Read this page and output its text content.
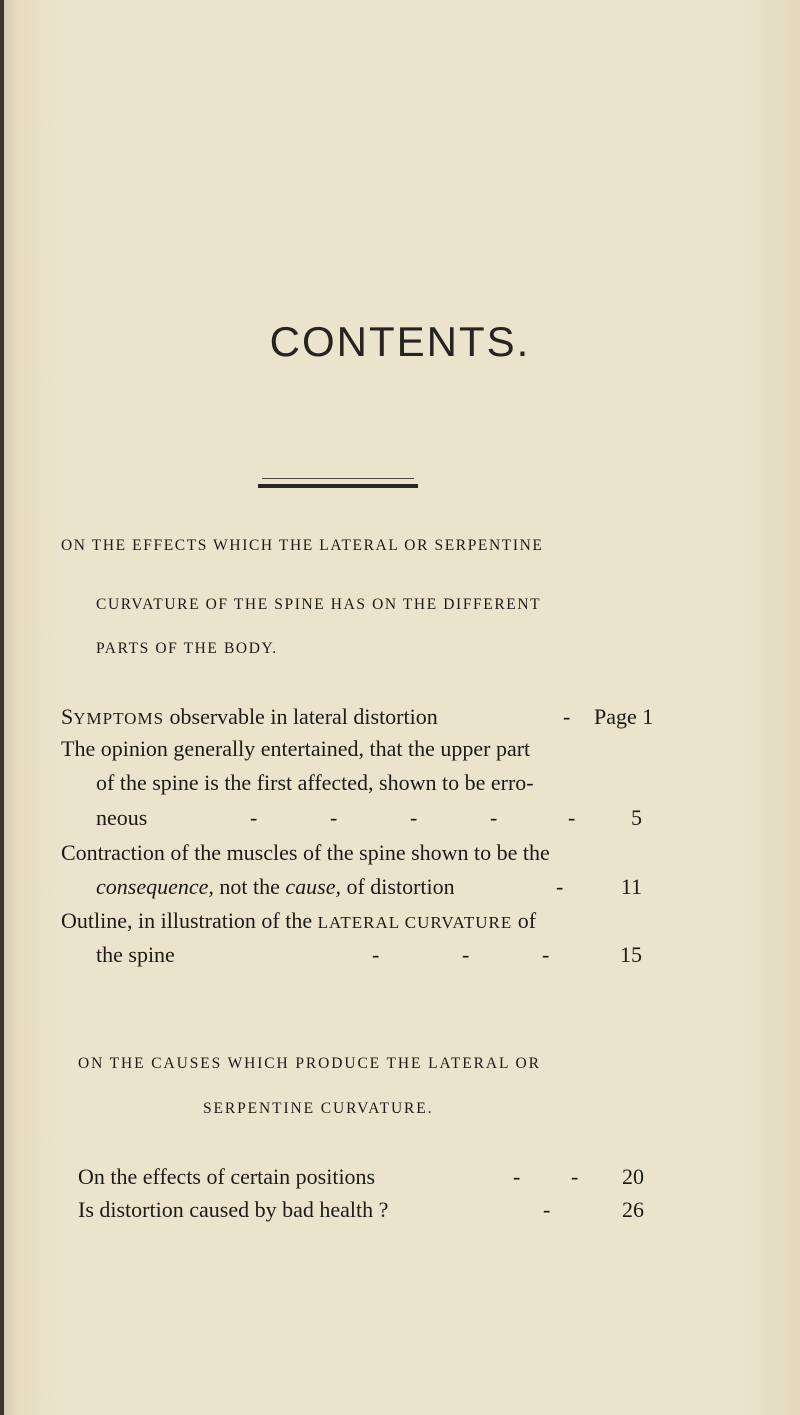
CONTENTS.
ON THE EFFECTS WHICH THE LATERAL OR SERPENTINE
CURVATURE OF THE SPINE HAS ON THE DIFFERENT
PARTS OF THE BODY.
SYMPTOMS observable in lateral distortion	- Page 1
The opinion generally entertained, that the upper part
of the spine is the first affected, shown to be erro-
neous	-	-	-	-	-	5
Contraction of the muscles of the spine shown to be the
consequence, not the cause, of distortion	-	11
Outline, in illustration of the LATERAL CURVATURE of
the spine	-	-	-	15
ON THE CAUSES WHICH PRODUCE THE LATERAL OR
SERPENTINE CURVATURE.
On the effects of certain positions	- -	20
Is distortion caused by bad health ?	-	26
